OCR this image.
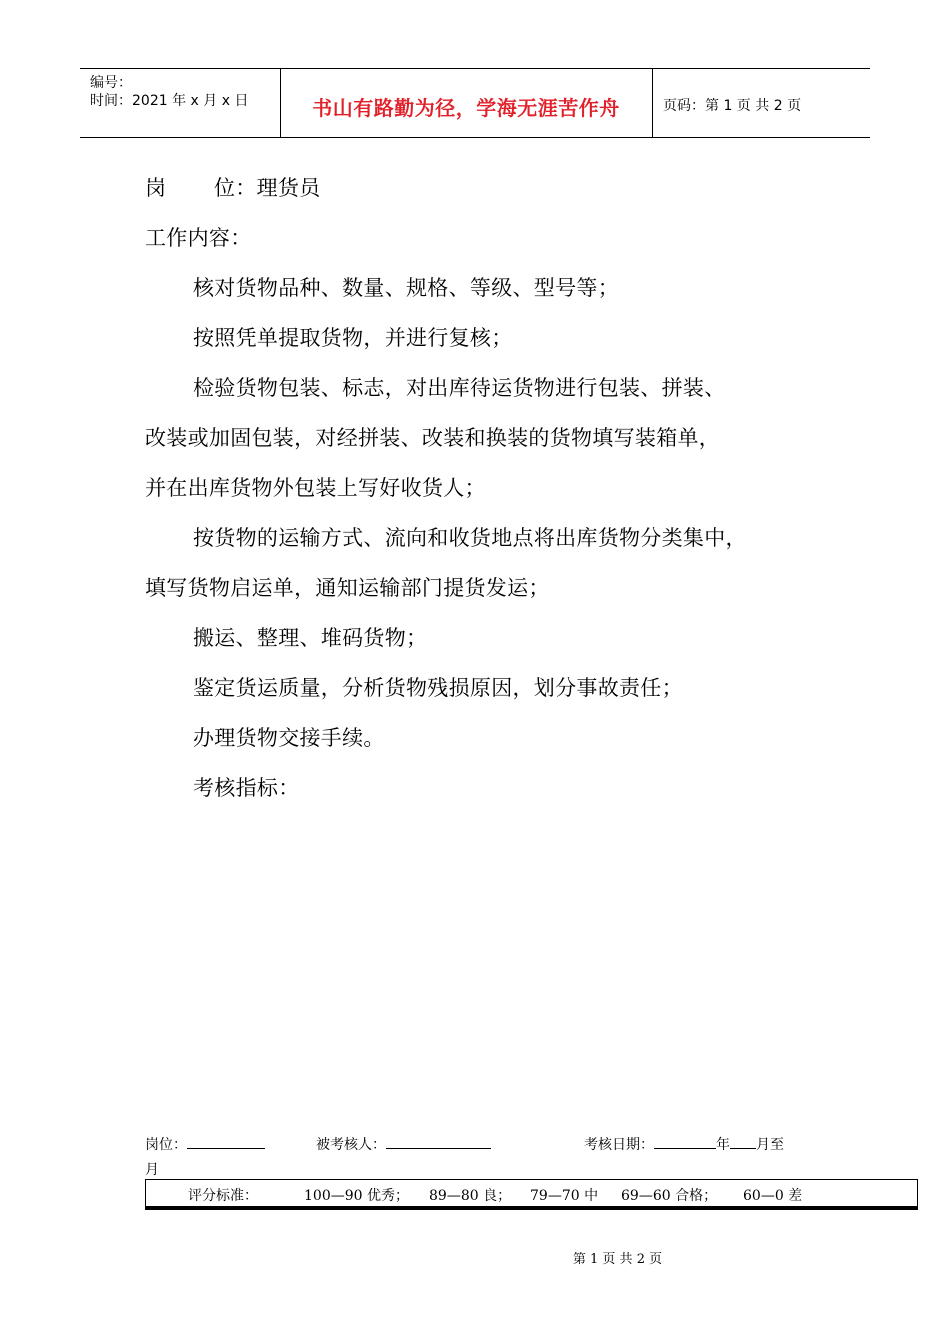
编号：
时间：2021 年 x 月 x 日	书山有路勤为径，学海无涯苦作舟	页码：第 1 页 共 2 页
岗 位：理货员
工作内容：
核对货物品种、数量、规格、等级、型号等；
按照凭单提取货物，并进行复核；
检验货物包装、标志，对出库待运货物进行包装、拼装、
改装或加固包装，对经拼装、改装和换装的货物填写装箱单，
并在出库货物外包装上写好收货人；
按货物的运输方式、流向和收货地点将出库货物分类集中，
填写货物启运单，通知运输部门提货发运；
搬运、整理、堆码货物；
鉴定货运质量，分析货物残损原因，划分事故责任；
办理货物交接手续。
考核指标：
岗位：	被考核人：	考核日期：	年 月至
月
评分标准：	100—90 优秀； 89—80 良； 79—70 中 69—60 合格； 60—0 差
第 1 页 共 2 页
